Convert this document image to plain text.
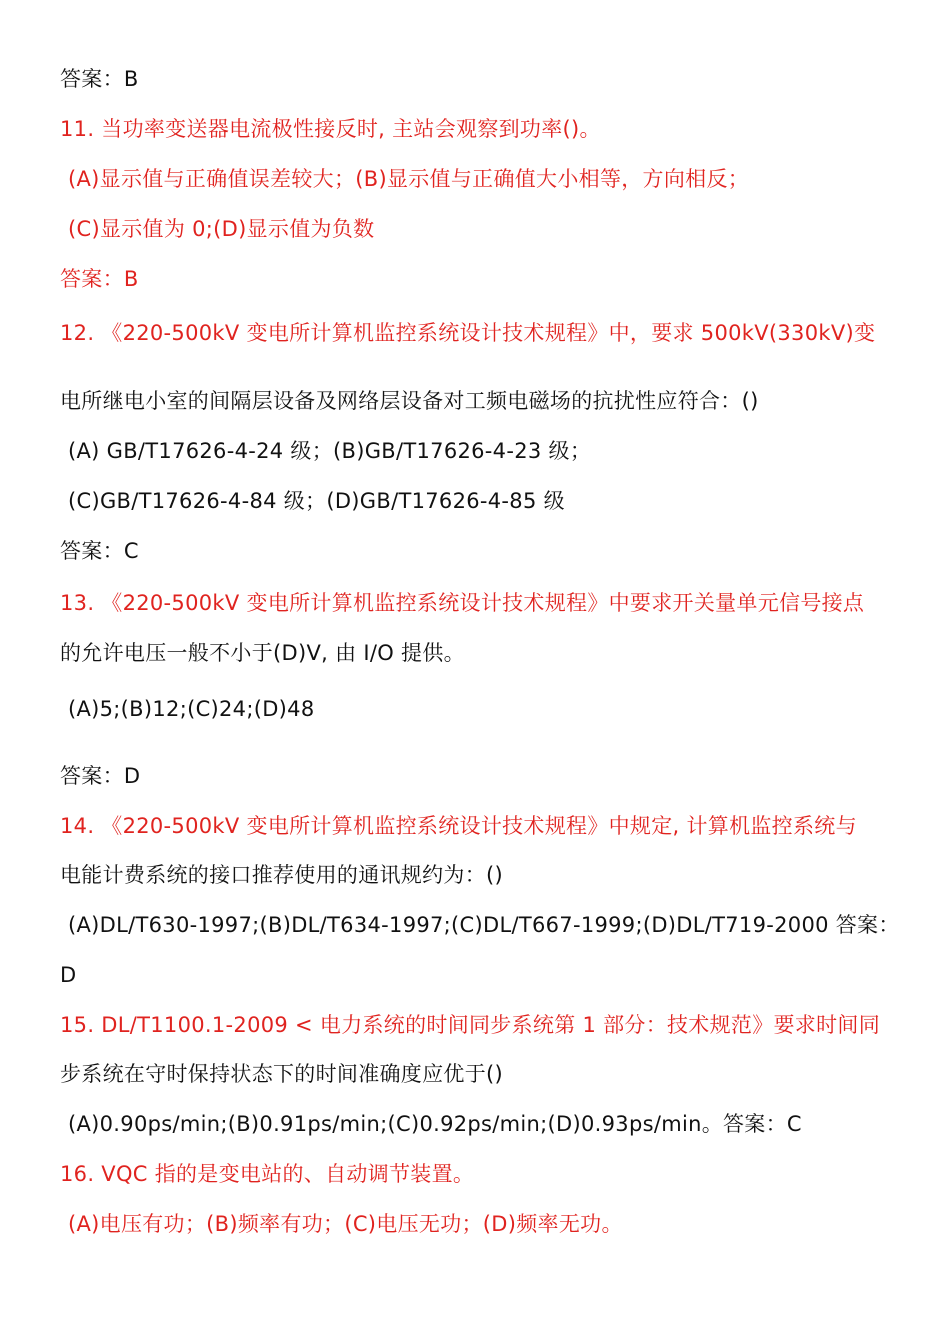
答案：B
11. 当功率变送器电流极性接反时, 主站会观察到功率()。
(A)显示值与正确值误差较大；(B)显示值与正确值大小相等，方向相反；
(C)显示值为 0;(D)显示值为负数
答案：B
12. 《220-500kV 变电所计算机监控系统设计技术规程》中，要求 500kV(330kV)变
电所继电小室的间隔层设备及网络层设备对工频电磁场的抗扰性应符合：()
(A) GB/T17626-4-24 级；(B)GB/T17626-4-23 级；
(C)GB/T17626-4-84 级；(D)GB/T17626-4-85 级
答案：C
13. 《220-500kV 变电所计算机监控系统设计技术规程》中要求开关量单元信号接点
的允许电压一般不小于(D)V, 由 I/O 提供。
(A)5;(B)12;(C)24;(D)48
答案：D
14. 《220-500kV 变电所计算机监控系统设计技术规程》中规定, 计算机监控系统与
电能计费系统的接口推荐使用的通讯规约为：()
(A)DL/T630-1997;(B)DL/T634-1997;(C)DL/T667-1999;(D)DL/T719-2000 答案：
D
15. DL/T1100.1-2009 < 电力系统的时间同步系统第 1 部分：技术规范》要求时间同
步系统在守时保持状态下的时间准确度应优于()
(A)0.90ps/min;(B)0.91ps/min;(C)0.92ps/min;(D)0.93ps/min。答案：C
16. VQC 指的是变电站的、自动调节装置。
(A)电压有功；(B)频率有功；(C)电压无功；(D)频率无功。
